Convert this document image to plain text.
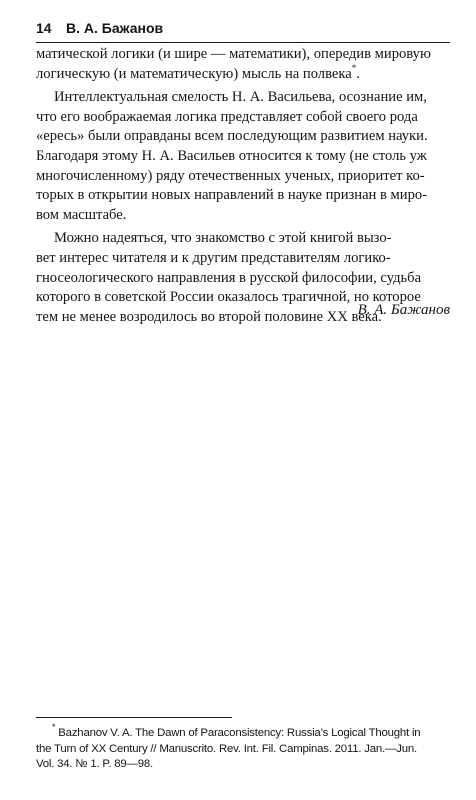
14 В. А. Бажанов

матической логики (и шире — математики), опередив мировую
логическую (и математическую) мысль на полвека*.

Интеллектуальная смелость Н. А. Васильева, осознание им,
что его воображаемая логика представляет собой своего рода
«ересь» были оправданы всем последующим развитием науки.
Благодаря этому Н. А. Васильев относится к тому (не столь уж
многочисленному) ряду отечественных ученых, приоритет ко-
торых в открытии новых направлений в науке признан в миро-
вом масштабе.

Можно надеяться, что знакомство с этой книгой вызо-
вет интерес читателя и к другим представителям логико-
гносеологического направления в русской философии, судьба
которого в советской России оказалось трагичной, но которое
тем не менее возродилось во второй половине XX века.

В. А. Бажанов
* Bazhanov V. A. The Dawn of Paraconsistency: Russia’s Logical Thought in
the Turn of XX Century // Manuscrito. Rev. Int. Fil. Campinas. 2011. Jan.—Jun.
Vol. 34. № 1. P. 89—98.
